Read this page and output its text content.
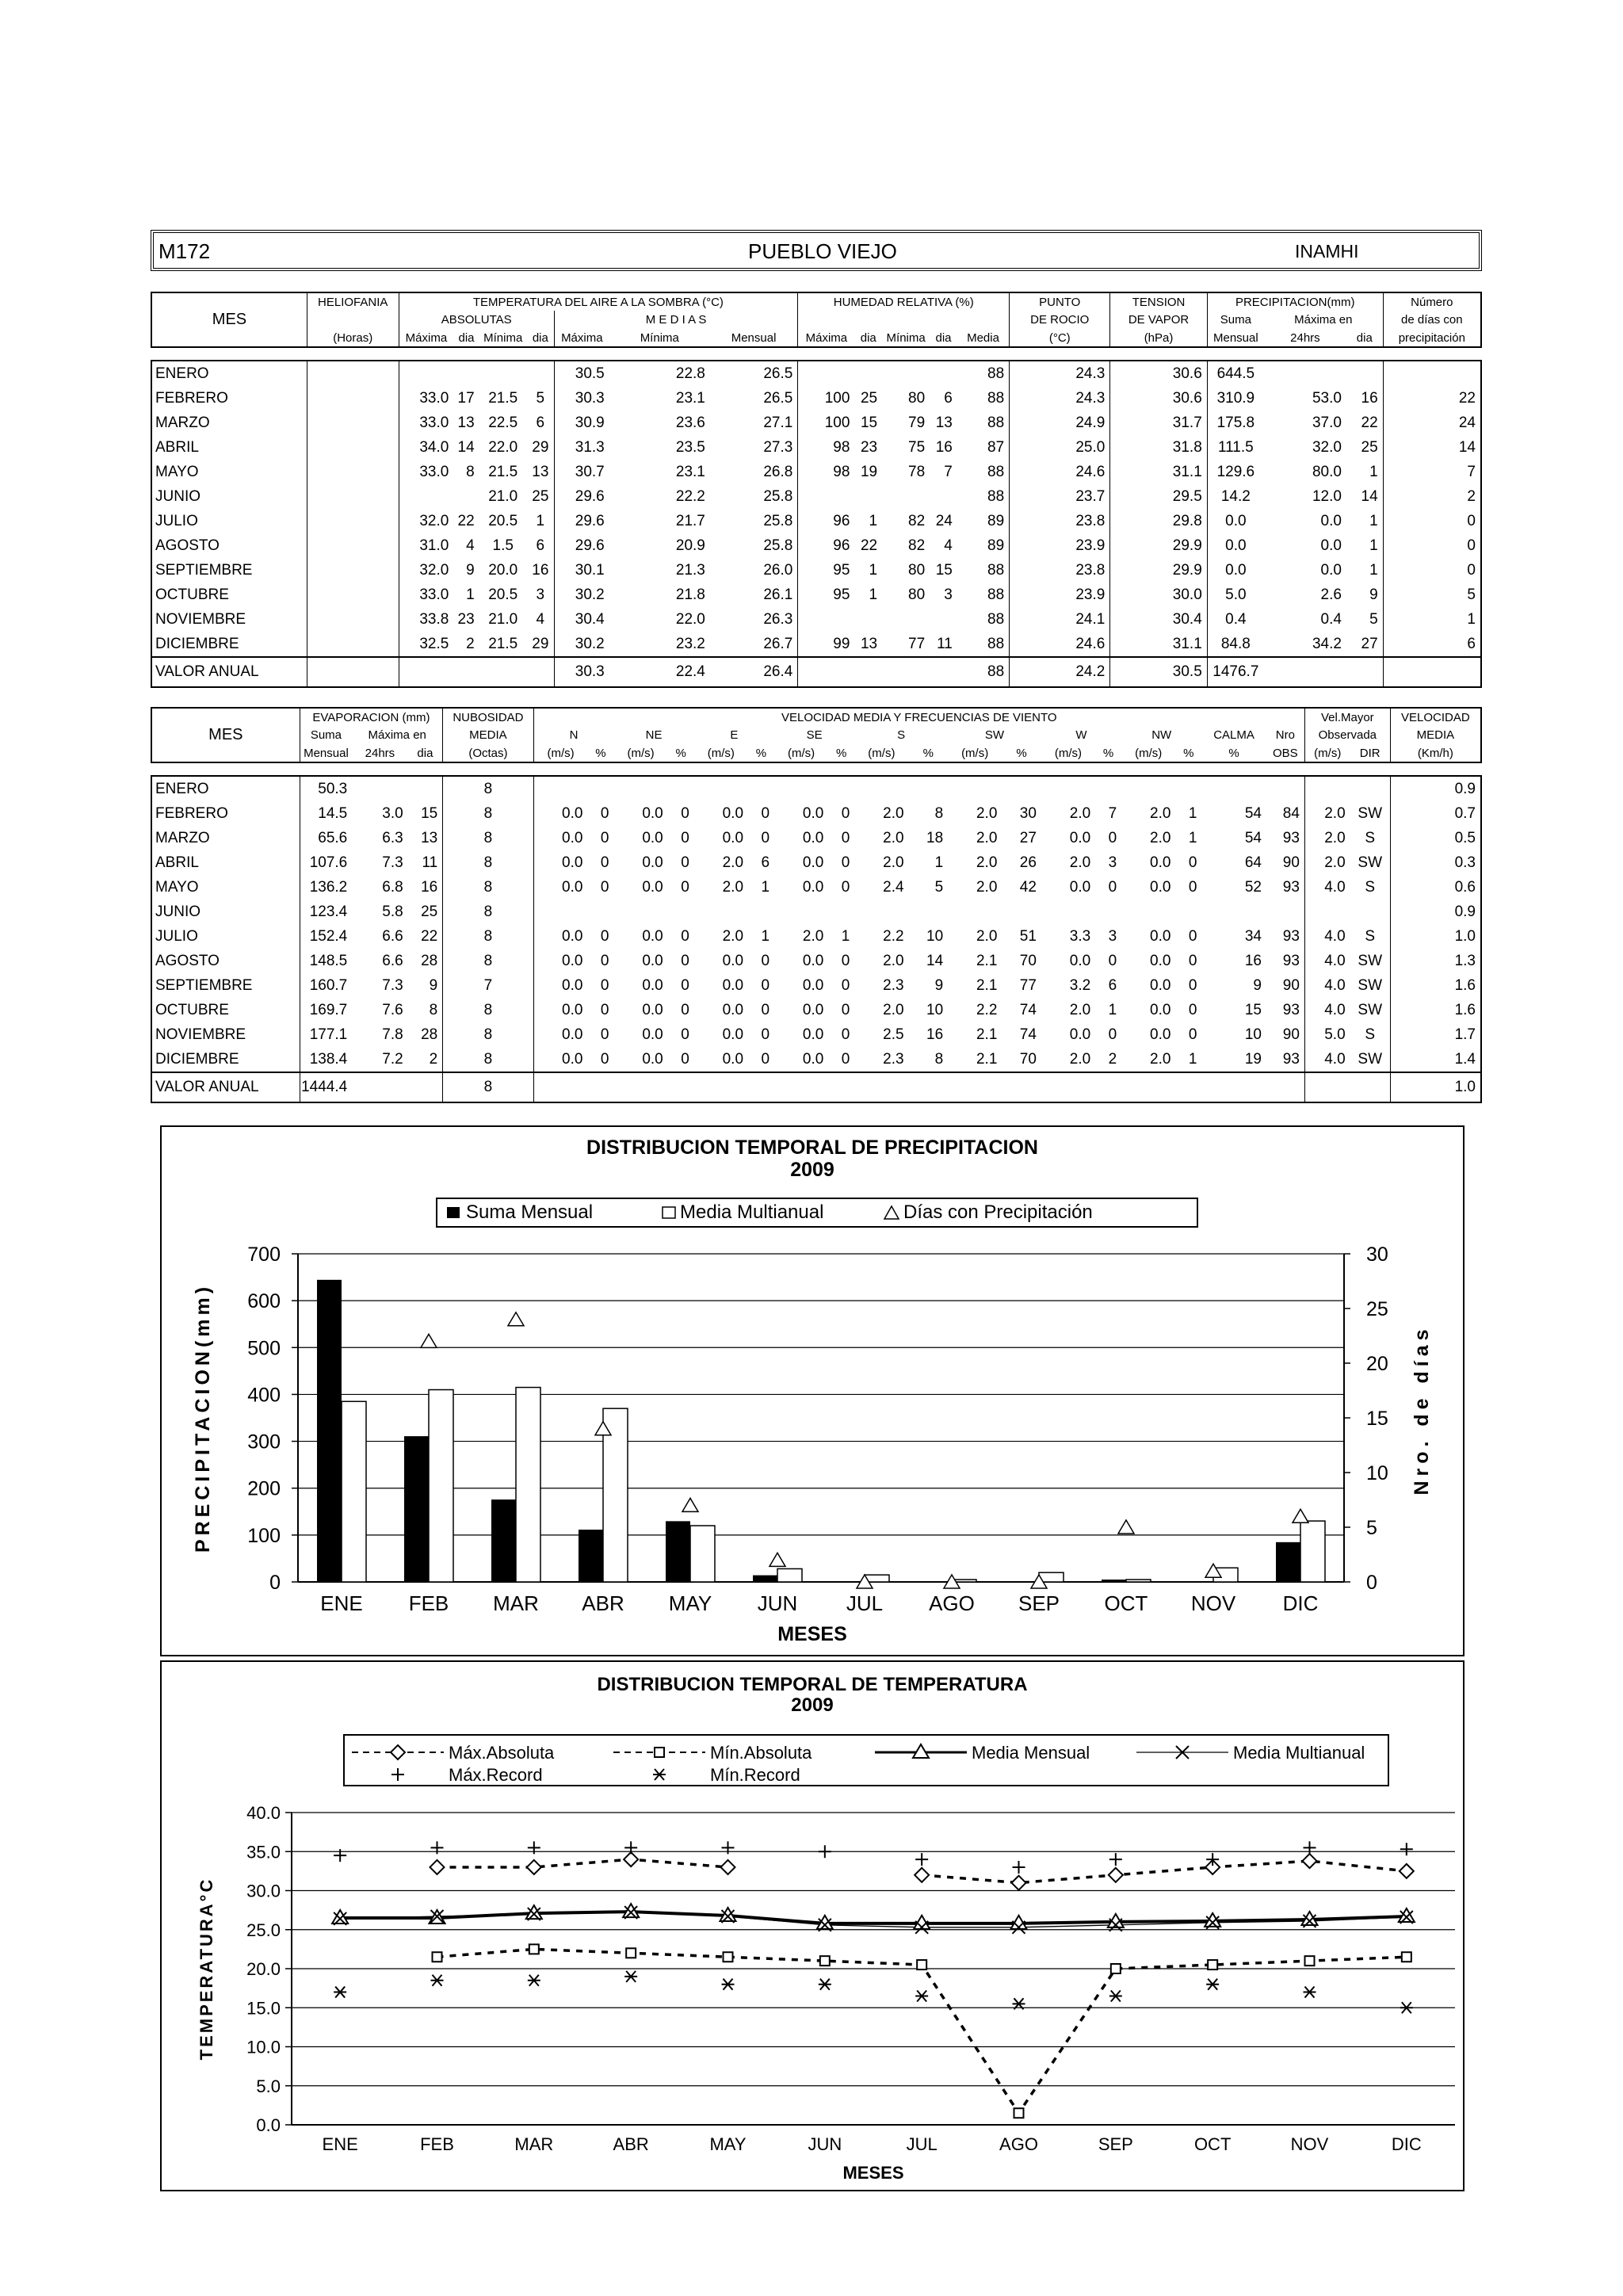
M172	PUEBLO VIEJO	INAMHI
	HELIOFANIA	TEMPERATURA DEL AIRE A LA SOMBRA (°C)							HUMEDAD RELATIVA (%)					PUNTO	TENSION	PRECIPITACION(mm)			Número
MES		ABSOLUTAS				M E D I A S								DE ROCIO	DE VAPOR	Suma	Máxima en		de días con
	(Horas)	Máxima	dia	Mínima	dia	Máxima	Mínima	Mensual	Máxima	dia	Mínima	dia	Media	(°C)	(hPa)	Mensual	24hrs	dia	precipitación
ENERO						30.5	22.8	26.5					88	24.3	30.6	644.5			
FEBRERO		33.0	17	21.5	5	30.3	23.1	26.5	100	25	80	6	88	24.3	30.6	310.9	53.0	16	22
MARZO		33.0	13	22.5	6	30.9	23.6	27.1	100	15	79	13	88	24.9	31.7	175.8	37.0	22	24
ABRIL		34.0	14	22.0	29	31.3	23.5	27.3	98	23	75	16	87	25.0	31.8	111.5	32.0	25	14
MAYO		33.0	8	21.5	13	30.7	23.1	26.8	98	19	78	7	88	24.6	31.1	129.6	80.0	1	7
JUNIO				21.0	25	29.6	22.2	25.8					88	23.7	29.5	14.2	12.0	14	2
JULIO		32.0	22	20.5	1	29.6	21.7	25.8	96	1	82	24	89	23.8	29.8	0.0	0.0	1	0
AGOSTO		31.0	4	1.5	6	29.6	20.9	25.8	96	22	82	4	89	23.9	29.9	0.0	0.0	1	0
SEPTIEMBRE		32.0	9	20.0	16	30.1	21.3	26.0	95	1	80	15	88	23.8	29.9	0.0	0.0	1	0
OCTUBRE		33.0	1	20.5	3	30.2	21.8	26.1	95	1	80	3	88	23.9	30.0	5.0	2.6	9	5
NOVIEMBRE		33.8	23	21.0	4	30.4	22.0	26.3					88	24.1	30.4	0.4	0.4	5	1
DICIEMBRE		32.5	2	21.5	29	30.2	23.2	26.7	99	13	77	11	88	24.6	31.1	84.8	34.2	27	6
VALOR ANUAL						30.3	22.4	26.4					88	24.2	30.5	1476.7			
	EVAPORACION (mm)			NUBOSIDAD	VELOCIDAD MEDIA Y FRECUENCIAS DE VIENTO																		Vel.Mayor		VELOCIDAD
MES	Suma	Máxima en		MEDIA	N		NE		E		SE		S		SW		W		NW		CALMA	Nro	Observada		MEDIA
	Mensual	24hrs	dia	(Octas)	(m/s)	%	(m/s)	%	(m/s)	%	(m/s)	%	(m/s)	%	(m/s)	%	(m/s)	%	(m/s)	%	%	OBS	(m/s)	DIR	(Km/h)
ENERO	50.3			8																					0.9
FEBRERO	14.5	3.0	15	8	0.0	0	0.0	0	0.0	0	0.0	0	2.0	8	2.0	30	2.0	7	2.0	1	54	84	2.0	SW	0.7
MARZO	65.6	6.3	13	8	0.0	0	0.0	0	0.0	0	0.0	0	2.0	18	2.0	27	0.0	0	2.0	1	54	93	2.0	S	0.5
ABRIL	107.6	7.3	11	8	0.0	0	0.0	0	2.0	6	0.0	0	2.0	1	2.0	26	2.0	3	0.0	0	64	90	2.0	SW	0.3
MAYO	136.2	6.8	16	8	0.0	0	0.0	0	2.0	1	0.0	0	2.4	5	2.0	42	0.0	0	0.0	0	52	93	4.0	S	0.6
JUNIO	123.4	5.8	25	8																					0.9
JULIO	152.4	6.6	22	8	0.0	0	0.0	0	2.0	1	2.0	1	2.2	10	2.0	51	3.3	3	0.0	0	34	93	4.0	S	1.0
AGOSTO	148.5	6.6	28	8	0.0	0	0.0	0	0.0	0	0.0	0	2.0	14	2.1	70	0.0	0	0.0	0	16	93	4.0	SW	1.3
SEPTIEMBRE	160.7	7.3	9	7	0.0	0	0.0	0	0.0	0	0.0	0	2.3	9	2.1	77	3.2	6	0.0	0	9	90	4.0	SW	1.6
OCTUBRE	169.7	7.6	8	8	0.0	0	0.0	0	0.0	0	0.0	0	2.0	10	2.2	74	2.0	1	0.0	0	15	93	4.0	SW	1.6
NOVIEMBRE	177.1	7.8	28	8	0.0	0	0.0	0	0.0	0	0.0	0	2.5	16	2.1	74	0.0	0	0.0	0	10	90	5.0	S	1.7
DICIEMBRE	138.4	7.2	2	8	0.0	0	0.0	0	0.0	0	0.0	0	2.3	8	2.1	70	2.0	2	2.0	1	19	93	4.0	SW	1.4
VALOR ANUAL	1444.4			8																					1.0
DISTRIBUCION TEMPORAL DE PRECIPITACION
2009
Suma Mensual	Media Multianual	Días con Precipitación
0
100
200
300
400
500
600
700
0
5
10
15
20
25
30
ENE FEB MAR ABR MAY JUN JUL AGO SEP OCT NOV DIC
MESES
PRECIPITACION(mm)	Nro. de días
DISTRIBUCION TEMPORAL DE TEMPERATURA
2009
Máx.Absoluta	Mín.Absoluta	Media Mensual	Media Multianual
Máx.Record	Mín.Record
0.0
5.0
10.0
15.0
20.0
25.0
30.0
35.0
40.0
ENE	FEB	MAR	ABR	MAY	JUN	JUL	AGO	SEP	OCT	NOV	DIC
MESES
TEMPERATURA°C
